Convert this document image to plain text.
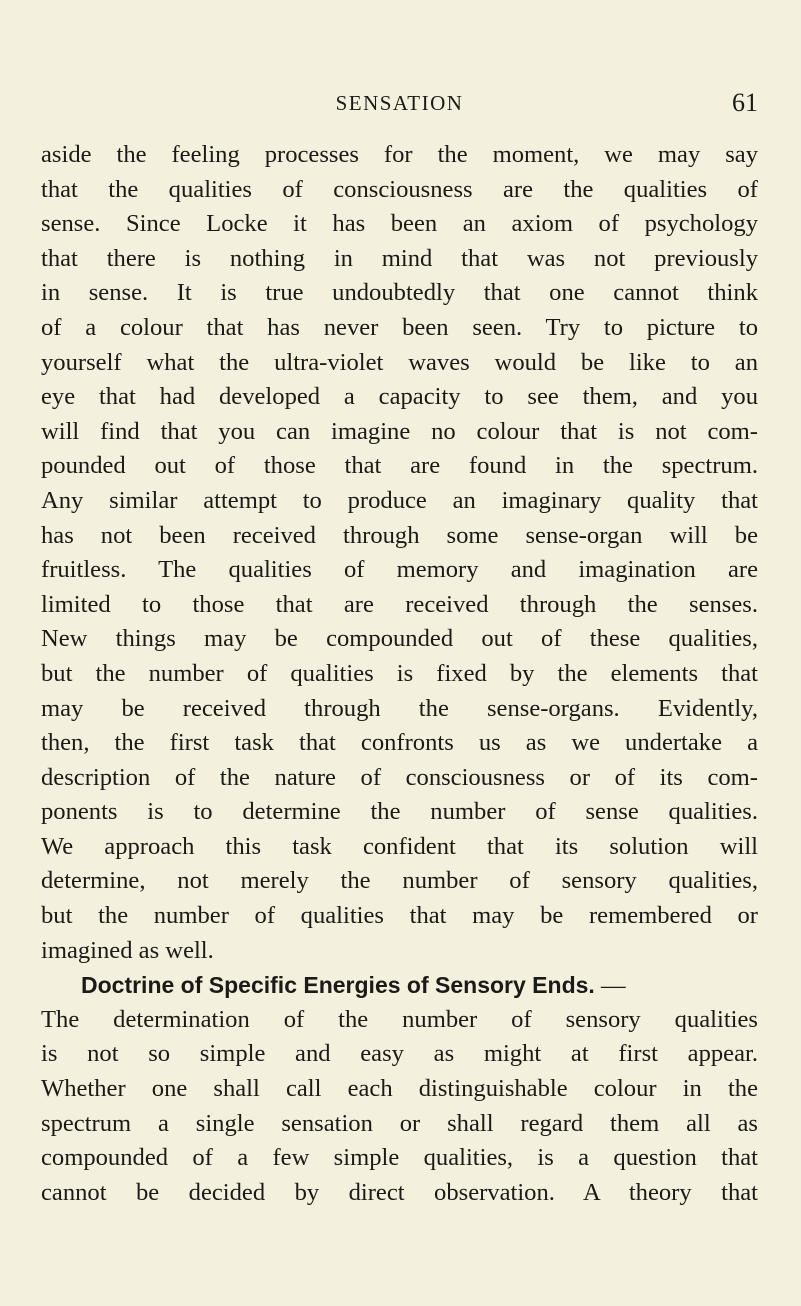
SENSATION	61
aside the feeling processes for the moment, we may say
that the qualities of consciousness are the qualities of
sense. Since Locke it has been an axiom of psychology
that there is nothing in mind that was not previously
in sense. It is true undoubtedly that one cannot think
of a colour that has never been seen. Try to picture to
yourself what the ultra-violet waves would be like to an
eye that had developed a capacity to see them, and you
will find that you can imagine no colour that is not com-
pounded out of those that are found in the spectrum.
Any similar attempt to produce an imaginary quality that
has not been received through some sense-organ will be
fruitless. The qualities of memory and imagination are
limited to those that are received through the senses.
New things may be compounded out of these qualities,
but the number of qualities is fixed by the elements that
may be received through the sense-organs. Evidently,
then, the first task that confronts us as we undertake a
description of the nature of consciousness or of its com-
ponents is to determine the number of sense qualities.
We approach this task confident that its solution will
determine, not merely the number of sensory qualities,
but the number of qualities that may be remembered or
imagined as well.
Doctrine of Specific Energies of Sensory Ends. —
The determination of the number of sensory qualities
is not so simple and easy as might at first appear.
Whether one shall call each distinguishable colour in the
spectrum a single sensation or shall regard them all as
compounded of a few simple qualities, is a question that
cannot be decided by direct observation. A theory that
